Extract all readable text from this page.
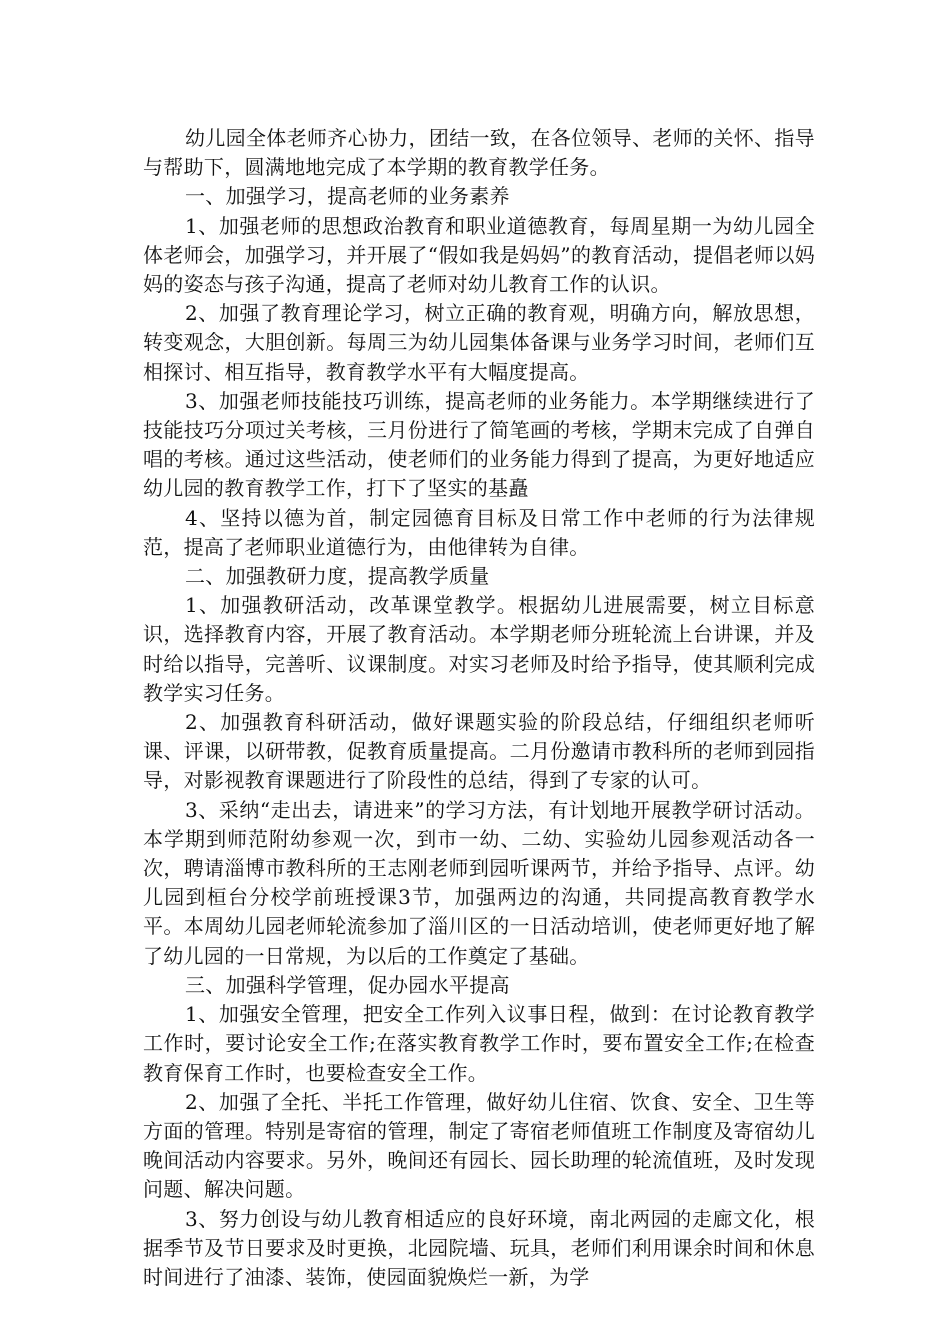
幼儿园全体老师齐心协力，团结一致，在各位领导、老师的关怀、指导与帮助下，圆满地地完成了本学期的教育教学任务。

一、加强学习，提高老师的业务素养

1、加强老师的思想政治教育和职业道德教育，每周星期一为幼儿园全体老师会，加强学习，并开展了“假如我是妈妈”的教育活动，提倡老师以妈妈的姿态与孩子沟通，提高了老师对幼儿教育工作的认识。

2、加强了教育理论学习，树立正确的教育观，明确方向，解放思想，转变观念，大胆创新。每周三为幼儿园集体备课与业务学习时间，老师们互相探讨、相互指导，教育教学水平有大幅度提高。

3、加强老师技能技巧训练，提高老师的业务能力。本学期继续进行了技能技巧分项过关考核，三月份进行了简笔画的考核，学期末完成了自弹自唱的考核。通过这些活动，使老师们的业务能力得到了提高，为更好地适应幼儿园的教育教学工作，打下了坚实的基矗

4、坚持以德为首，制定园德育目标及日常工作中老师的行为法律规范，提高了老师职业道德行为，由他律转为自律。

二、加强教研力度，提高教学质量

1、加强教研活动，改革课堂教学。根据幼儿进展需要，树立目标意识，选择教育内容，开展了教育活动。本学期老师分班轮流上台讲课，并及时给以指导，完善听、议课制度。对实习老师及时给予指导，使其顺利完成教学实习任务。

2、加强教育科研活动，做好课题实验的阶段总结，仔细组织老师听课、评课，以研带教，促教育质量提高。二月份邀请市教科所的老师到园指导，对影视教育课题进行了阶段性的总结，得到了专家的认可。

3、采纳“走出去，请进来”的学习方法，有计划地开展教学研讨活动。本学期到师范附幼参观一次，到市一幼、二幼、实验幼儿园参观活动各一次，聘请淄博市教科所的王志刚老师到园听课两节，并给予指导、点评。幼儿园到桓台分校学前班授课3节，加强两边的沟通，共同提高教育教学水平。本周幼儿园老师轮流参加了淄川区的一日活动培训，使老师更好地了解了幼儿园的一日常规，为以后的工作奠定了基础。

三、加强科学管理，促办园水平提高

1、加强安全管理，把安全工作列入议事日程，做到：在讨论教育教学工作时，要讨论安全工作;在落实教育教学工作时，要布置安全工作;在检查教育保育工作时，也要检查安全工作。

2、加强了全托、半托工作管理，做好幼儿住宿、饮食、安全、卫生等方面的管理。特别是寄宿的管理，制定了寄宿老师值班工作制度及寄宿幼儿晚间活动内容要求。另外，晚间还有园长、园长助理的轮流值班，及时发现问题、解决问题。

3、努力创设与幼儿教育相适应的良好环境，南北两园的走廊文化，根据季节及节日要求及时更换，北园院墙、玩具，老师们利用课余时间和休息时间进行了油漆、装饰，使园面貌焕烂一新，为学
